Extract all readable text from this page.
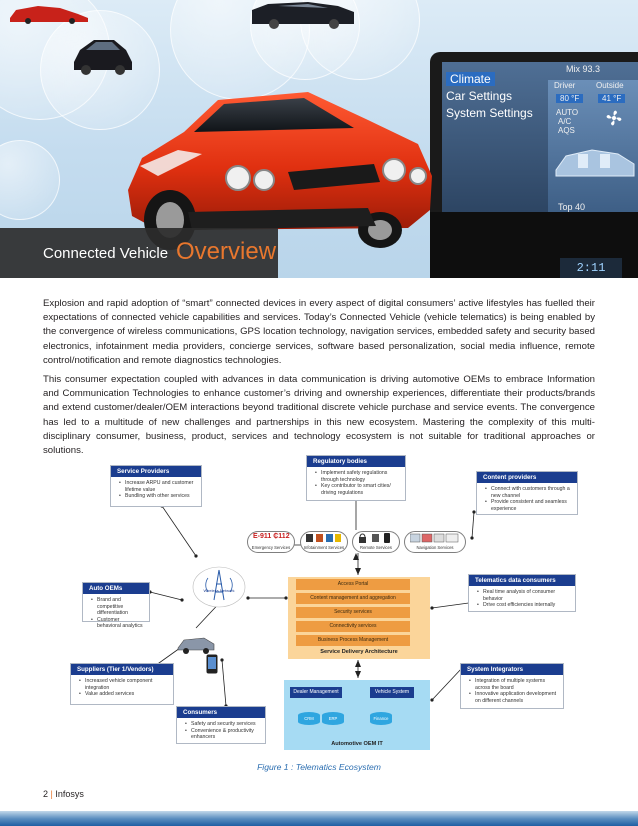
Mix 93.3
Climate
Car Settings
System Settings
Driver	Outside
80 °F	41 °F
AUTO
A/C
AQS
Top 40
2:11
Connected Vehicle Overview

Explosion and rapid adoption of “smart” connected devices in every aspect of digital consumers’ active lifestyles has fuelled their expectations of connected vehicle capabilities and services. Today’s Connected Vehicle (vehicle telematics) is being enabled by the convergence of wireless communications, GPS location technology, navigation services, embedded safety and security based electronics, infotainment media providers, concierge services, software based personalization, social media influence, remote control/notification and remote diagnostics technologies.

This consumer expectation coupled with advances in data communication is driving automotive OEMs to embrace Information and Communication Technologies to enhance customer’s driving and ownership experiences, differentiate their products/brands and extend customer/dealer/OEM interactions beyond traditional discrete vehicle purchase and service events. The convergence has led to a multitude of new challenges and partnerships in this new ecosystem. Mastering the complexity of this multi-disciplinary consumer, business, product, services and technology ecosystem is not suitable for traditional approaches or solutions.

Regulatory bodies
• Implement safety regulations through technology
• Key contributor to smart cities/ driving regulations
Service Providers
• Increase ARPU and customer lifetime value
• Bundling with other services
Content providers
• Connect with customers through a new channel
• Provide consistent and seamless experience
E-911 ₵112
Emergency Services	Infotainment Services	Remote Services	Navigation Services
Wireless Network
Auto OEMs
• Brand and competitive differentiation
• Customer behavioral analytics
Access Portal
Content management and aggregation
Security services
Connectivity services
Business Process Management
Service Delivery Architecture
Telematics data consumers
• Real time analysis of consumer behavior
• Drive cost efficiencies internally
Suppliers (Tier 1/Vendors)
• Increased vehicle component integration
• Value added services
Consumers
• Safety and security services
• Convenience & productivity enhancers
Dealer Management	Vehicle System
CRM	ERP	Finance
Automotive OEM IT
System Integrators
• Integration of multiple systems across the board
• Innovative application development on different channels
Figure 1 : Telematics Ecosystem
2 | Infosys
